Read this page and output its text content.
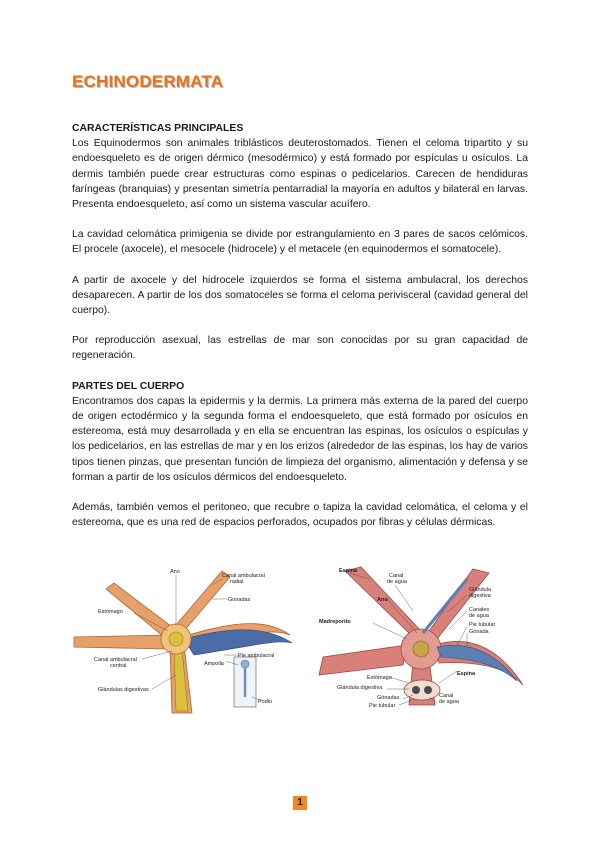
ECHINODERMATA

CARACTERÍSTICAS PRINCIPALES

Los Equinodermos son animales triblásticos deuterostomados. Tienen el celoma tripartito y su endoesqueleto es de origen dérmico (mesodérmico) y está formado por espículas u osículos. La dermis también puede crear estructuras como espinas o pedicelarios. Carecen de hendiduras faríngeas (branquias) y presentan simetría pentarradial la mayoría en adultos y bilateral en larvas. Presenta endoesqueleto, así como un sistema vascular acuífero.

La cavidad celomática primigenia se divide por estrangulamiento en 3 pares de sacos celómicos. El procele (axocele), el mesocele (hidrocele) y el metacele (en equinodermos el somatocele).

A partir de axocele y del hidrocele izquierdos se forma el sistema ambulacral, los derechos desaparecen. A partir de los dos somatoceles se forma el celoma perivisceral (cavidad general del cuerpo).

Por reproducción asexual, las estrellas de mar son conocidas por su gran capacidad de regeneración.

PARTES DEL CUERPO

Encontramos dos capas la epidermis y la dermis. La primera más externa de la pared del cuerpo de origen ectodérmico y la segunda forma el endoesqueleto, que está formado por osículos en estereoma, está muy desarrollada y en ella se encuentran las espinas, los osículos o espículas y los pedicelarios, en las estrellas de mar y en los erizos (alrededor de las espinas, los hay de varios tipos tienen pinzas, que presentan función de limpieza del organismo, alimentación y defensa y se forman a partir de los osículos dérmicos del endoesqueleto.

Además, también vemos el peritoneo, que recubre o tapiza la cavidad celomática, el celoma y el estereoma, que es una red de espacios perforados, ocupados por fibras y células dérmicas.

Ano
Canal ambulacral
radial
Gónadas
Estómago
Canal ambulacral
central
Glándulas digestivas
Pie ambulacral
Ampolla
Podio
Espina
Canal
de agua
Glándula
digestiva
Ano
Madreporito
Canales
de agua
Pie tubular
Gónada
Espina
Estómago
Glándula digestiva
Canal
de agua
Gónadas
Pie tubular
1
